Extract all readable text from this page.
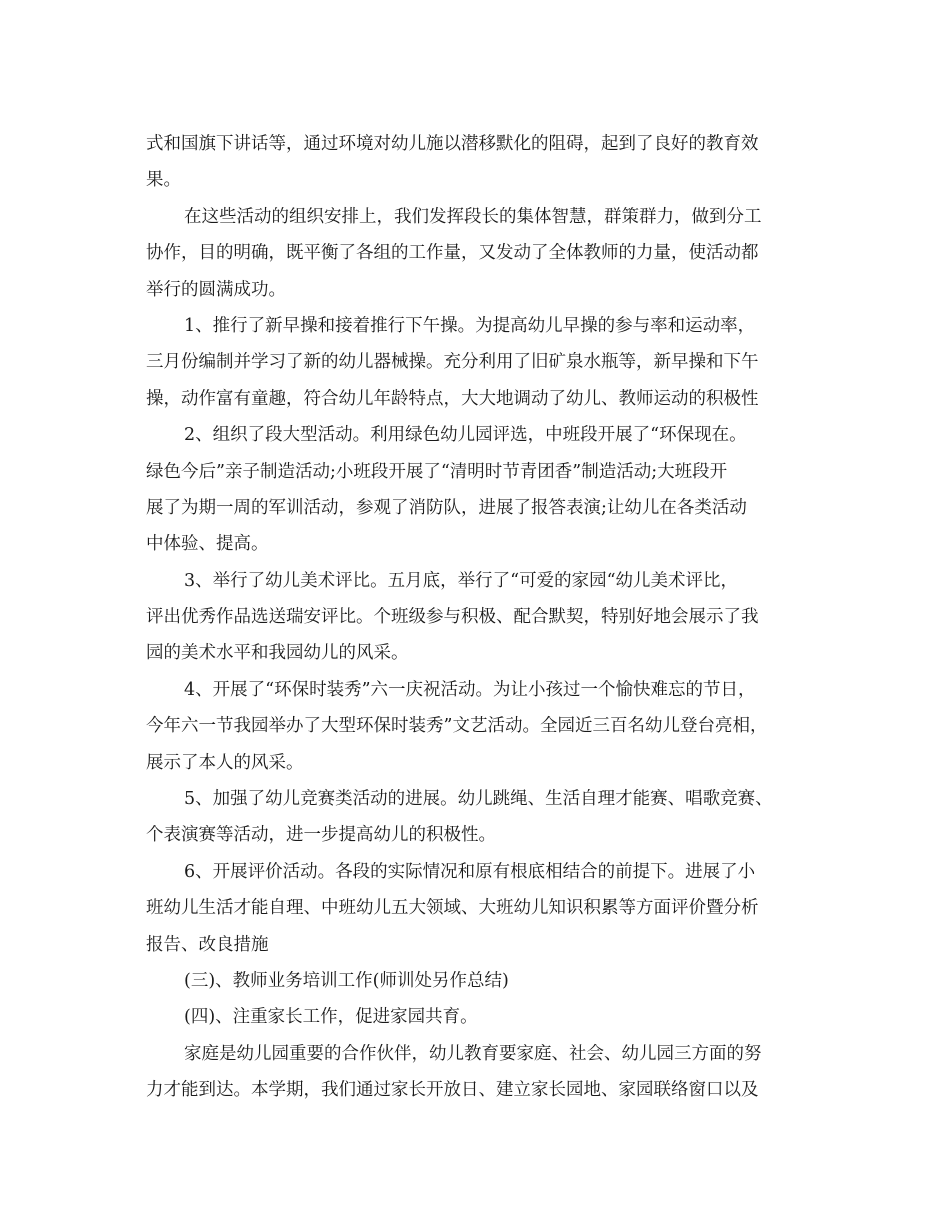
式和国旗下讲话等，通过环境对幼儿施以潜移默化的阻碍，起到了良好的教育效
果。
在这些活动的组织安排上，我们发挥段长的集体智慧，群策群力，做到分工
协作，目的明确，既平衡了各组的工作量，又发动了全体教师的力量，使活动都
举行的圆满成功。
1、推行了新早操和接着推行下午操。为提高幼儿早操的参与率和运动率，
三月份编制并学习了新的幼儿器械操。充分利用了旧矿泉水瓶等，新早操和下午
操，动作富有童趣，符合幼儿年龄特点，大大地调动了幼儿、教师运动的积极性
2、组织了段大型活动。利用绿色幼儿园评选，中班段开展了“环保现在。
绿色今后”亲子制造活动;小班段开展了“清明时节青团香”制造活动;大班段开
展了为期一周的军训活动，参观了消防队，进展了报答表演;让幼儿在各类活动
中体验、提高。
3、举行了幼儿美术评比。五月底，举行了“可爱的家园“幼儿美术评比，
评出优秀作品选送瑞安评比。个班级参与积极、配合默契，特别好地会展示了我
园的美术水平和我园幼儿的风采。
4、开展了“环保时装秀”六一庆祝活动。为让小孩过一个愉快难忘的节日，
今年六一节我园举办了大型环保时装秀”文艺活动。全园近三百名幼儿登台亮相，
展示了本人的风采。
5、加强了幼儿竞赛类活动的进展。幼儿跳绳、生活自理才能赛、唱歌竞赛、
个表演赛等活动，进一步提高幼儿的积极性。
6、开展评价活动。各段的实际情况和原有根底相结合的前提下。进展了小
班幼儿生活才能自理、中班幼儿五大领域、大班幼儿知识积累等方面评价暨分析
报告、改良措施
(三)、教师业务培训工作(师训处另作总结)
(四)、注重家长工作，促进家园共育。
家庭是幼儿园重要的合作伙伴，幼儿教育要家庭、社会、幼儿园三方面的努
力才能到达。本学期，我们通过家长开放日、建立家长园地、家园联络窗口以及
